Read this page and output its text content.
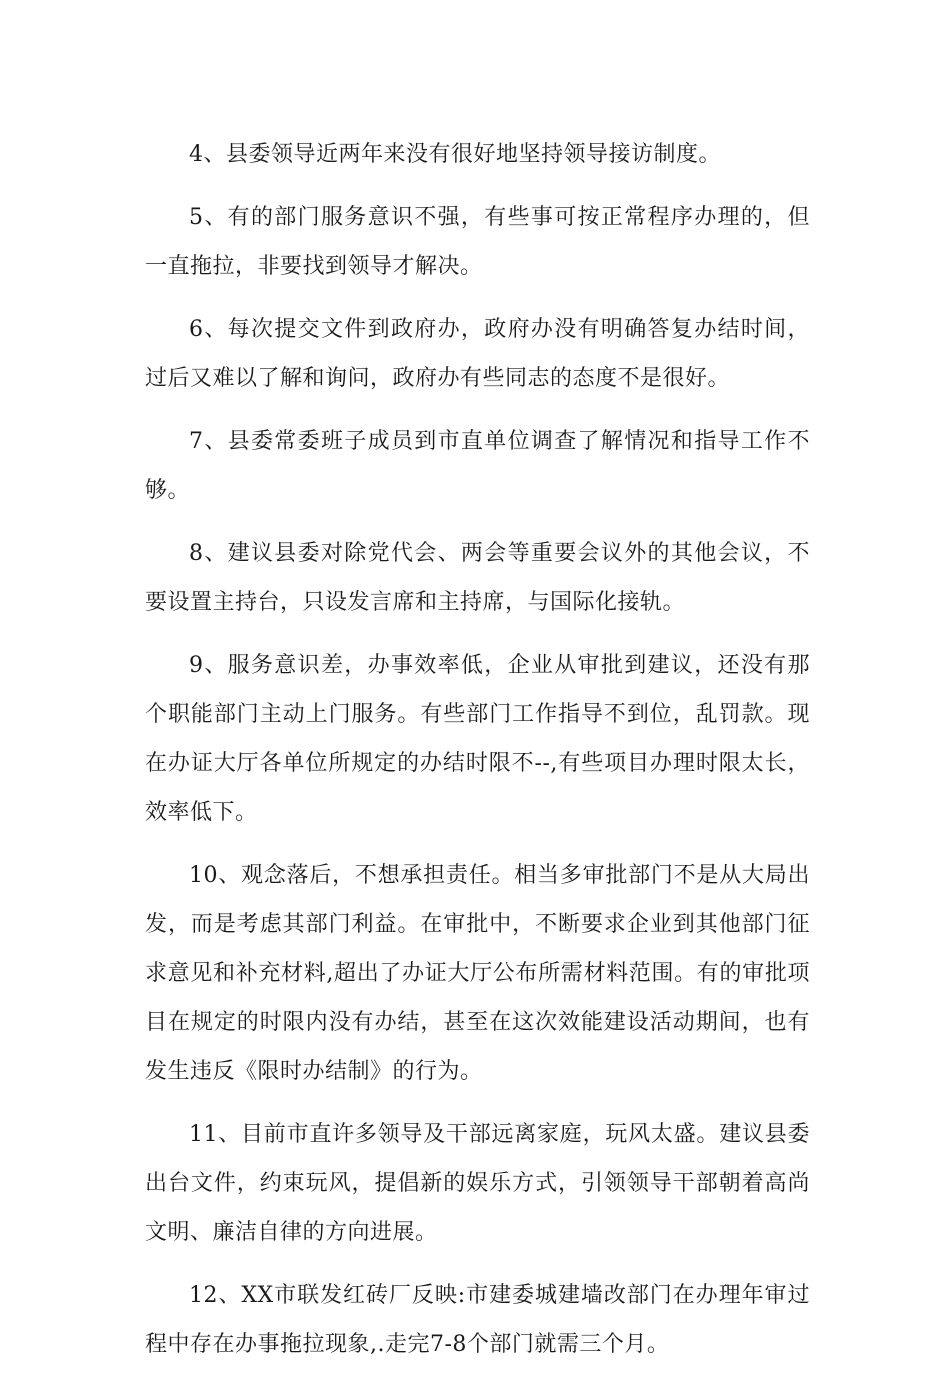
4、县委领导近两年来没有很好地坚持领导接访制度。

5、有的部门服务意识不强，有些事可按正常程序办理的，但一直拖拉，非要找到领导才解决。

6、每次提交文件到政府办，政府办没有明确答复办结时间，过后又难以了解和询问，政府办有些同志的态度不是很好。

7、县委常委班子成员到市直单位调查了解情况和指导工作不够。

8、建议县委对除党代会、两会等重要会议外的其他会议，不要设置主持台，只设发言席和主持席，与国际化接轨。

9、服务意识差，办事效率低，企业从审批到建议，还没有那个职能部门主动上门服务。有些部门工作指导不到位，乱罚款。现在办证大厅各单位所规定的办结时限不--,有些项目办理时限太长，效率低下。

10、观念落后，不想承担责任。相当多审批部门不是从大局出发，而是考虑其部门利益。在审批中，不断要求企业到其他部门征求意见和补充材料,超出了办证大厅公布所需材料范围。有的审批项目在规定的时限内没有办结，甚至在这次效能建设活动期间，也有发生违反《限时办结制》的行为。

11、目前市直许多领导及干部远离家庭，玩风太盛。建议县委出台文件，约束玩风，提倡新的娱乐方式，引领领导干部朝着高尚文明、廉洁自律的方向进展。

12、XX市联发红砖厂反映:市建委城建墙改部门在办理年审过程中存在办事拖拉现象,.走完7-8个部门就需三个月。
